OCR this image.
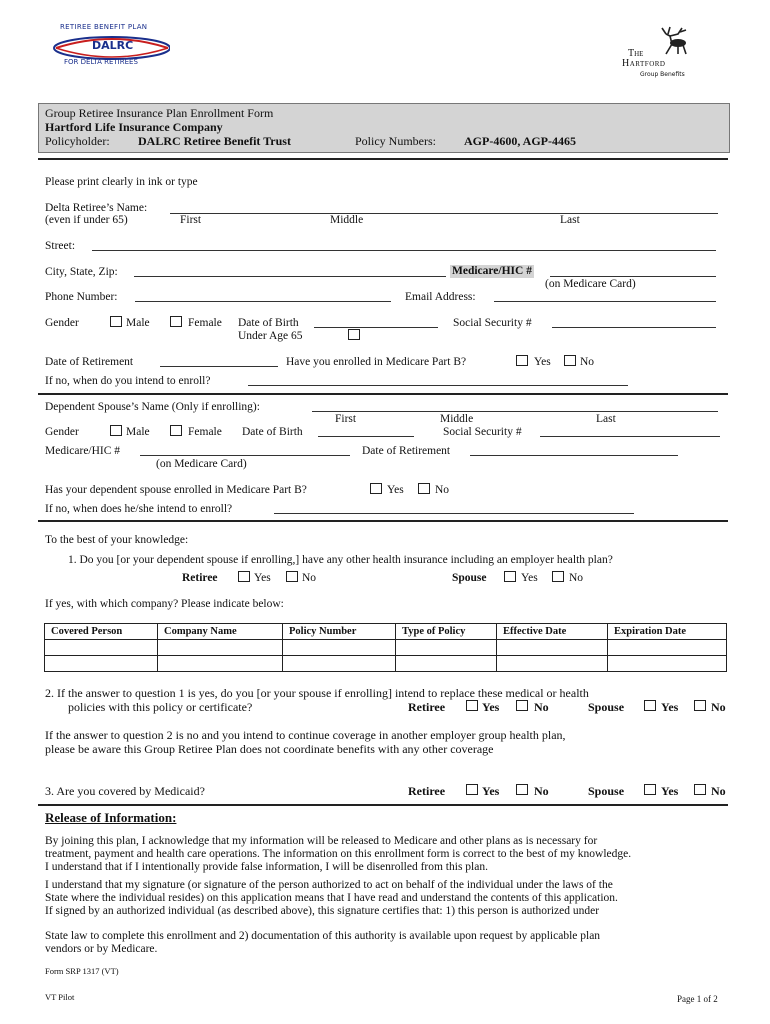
RETIREE BENEFIT PLAN
DALRC
FOR DELTA RETIREES
The
Hartford
Group Benefits
Group Retiree Insurance Plan Enrollment Form
Hartford Life Insurance Company
Policyholder: DALRC Retiree Benefit Trust	Policy Numbers: AGP-4600, AGP-4465
Please print clearly in ink or type
Delta Retiree’s Name:
(even if under 65)	First	Middle	Last
Street:
City, State, Zip:	Medicare/HIC #
(on Medicare Card)
Phone Number:	Email Address:
Gender	Male	Female Date of Birth	Social Security #
Under Age 65
Date of Retirement	Have you enrolled in Medicare Part B?	Yes	No
If no, when do you intend to enroll?
Dependent Spouse’s Name (Only if enrolling):
First	Middle	Last
Gender	Male	Female Date of Birth	Social Security #
Medicare/HIC #
(on Medicare Card)
Date of Retirement
Has your dependent spouse enrolled in Medicare Part B?	Yes	No
If no, when does he/she intend to enroll?
To the best of your knowledge:
1. Do you [or your dependent spouse if enrolling,] have any other health insurance including an employer health plan?
Retiree	Yes	No	Spouse	Yes	No
If yes, with which company? Please indicate below:
Covered Person	Company Name	Policy Number	Type of Policy	Effective Date	Expiration Date

2. If the answer to question 1 is yes, do you [or your spouse if enrolling] intend to replace these medical or health
policies with this policy or certificate?	Retiree	Yes	No	Spouse	Yes	No
If the answer to question 2 is no and you intend to continue coverage in another employer group health plan,
please be aware this Group Retiree Plan does not coordinate benefits with any other coverage
3. Are you covered by Medicaid?	Retiree	Yes	No	Spouse	Yes	No
Release of Information:
By joining this plan, I acknowledge that my information will be released to Medicare and other plans as is necessary for
treatment, payment and health care operations. The information on this enrollment form is correct to the best of my knowledge.
I understand that if I intentionally provide false information, I will be disenrolled from this plan.
I understand that my signature (or signature of the person authorized to act on behalf of the individual under the laws of the
State where the individual resides) on this application means that I have read and understand the contents of this application.
If signed by an authorized individual (as described above), this signature certifies that: 1) this person is authorized under
State law to complete this enrollment and 2) documentation of this authority is available upon request by applicable plan
vendors or by Medicare.
Form SRP 1317 (VT)
VT Pilot	Page 1 of 2
